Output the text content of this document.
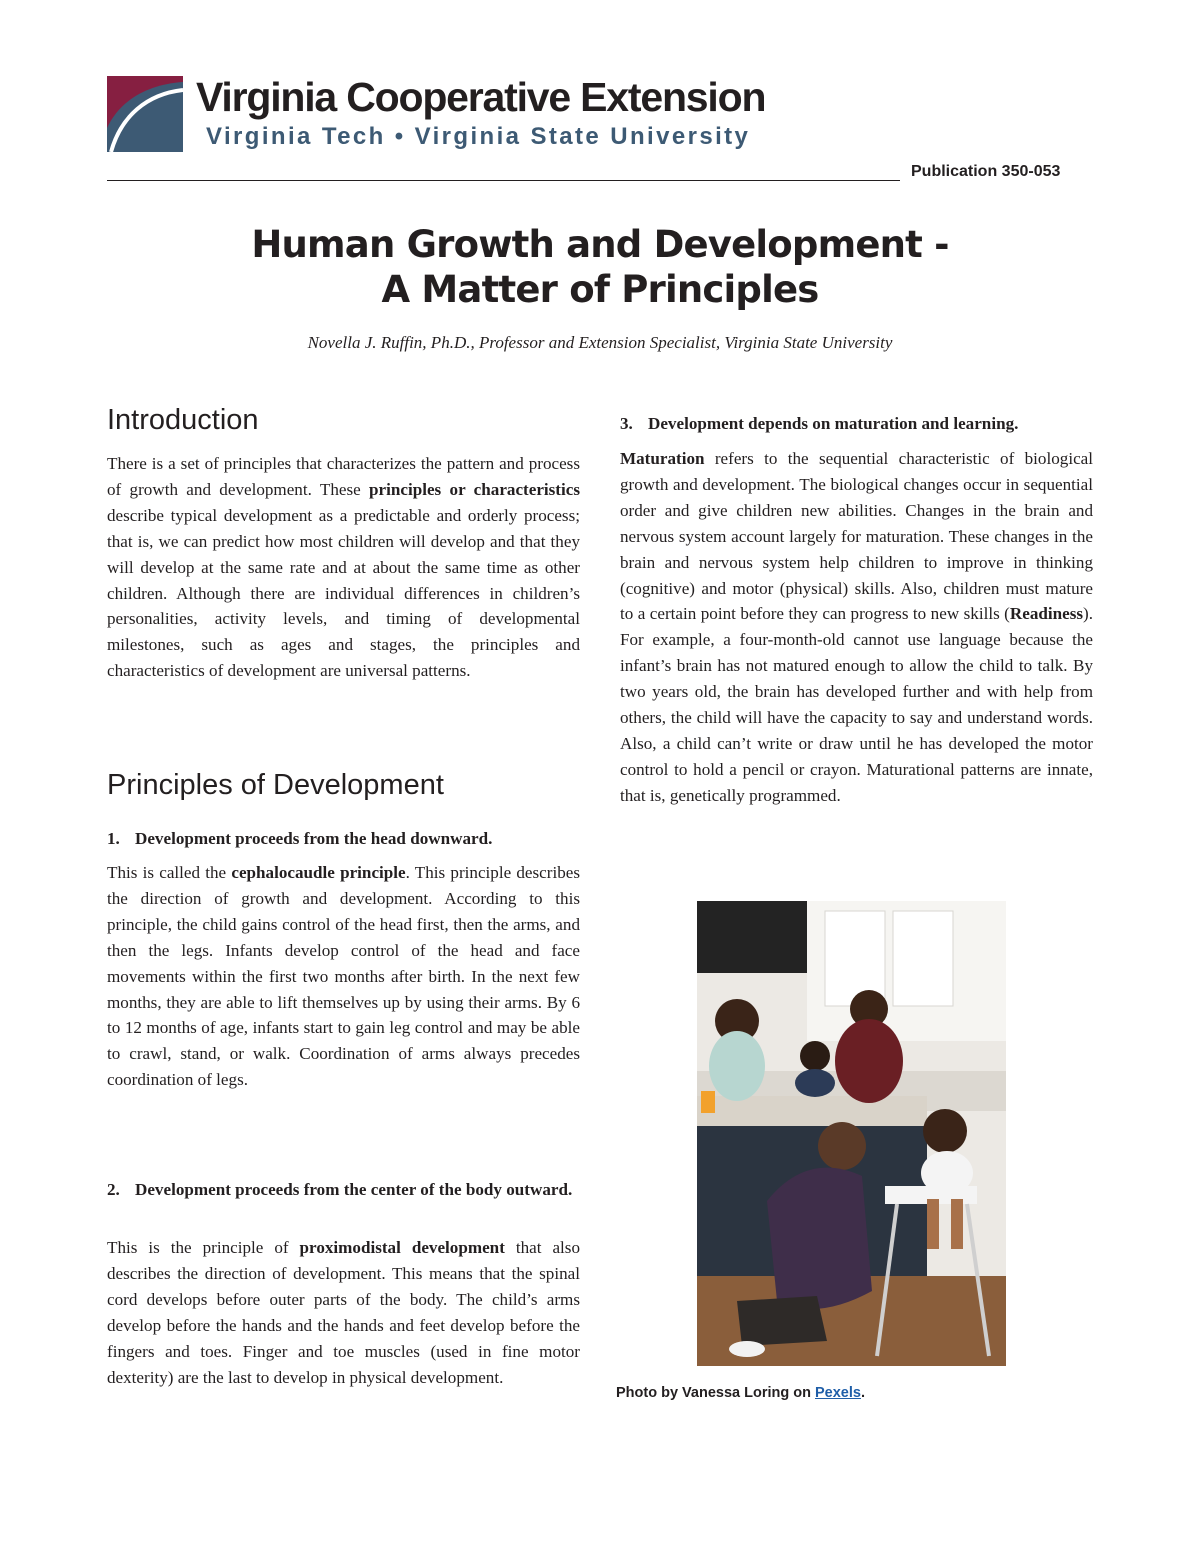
Virginia Cooperative Extension
Virginia Tech • Virginia State University
Publication 350-053
Human Growth and Development -
A Matter of Principles
Novella J. Ruffin, Ph.D., Professor and Extension Specialist, Virginia State University
Introduction

There is a set of principles that characterizes the pattern and process of growth and development. These principles or characteristics describe typical development as a predictable and orderly process; that is, we can predict how most children will develop and that they will develop at the same rate and at about the same time as other children. Although there are individual differences in children’s personalities, activity levels, and timing of developmental milestones, such as ages and stages, the principles and characteristics of development are universal patterns.

Principles of Development
1. Development proceeds from the head downward.

This is called the cephalocaudle principle. This principle describes the direction of growth and development. According to this principle, the child gains control of the head first, then the arms, and then the legs. Infants develop control of the head and face movements within the first two months after birth. In the next few months, they are able to lift themselves up by using their arms. By 6 to 12 months of age, infants start to gain leg control and may be able to crawl, stand, or walk. Coordination of arms always precedes coordination of legs.

2. Development proceeds from the center of the body outward.

This is the principle of proximodistal development that also describes the direction of development. This means that the spinal cord develops before outer parts of the body. The child’s arms develop before the hands and the hands and feet develop before the fingers and toes. Finger and toe muscles (used in fine motor dexterity) are the last to develop in physical development.

3. Development depends on maturation and learning.

Maturation refers to the sequential characteristic of biological growth and development. The biological changes occur in sequential order and give children new abilities. Changes in the brain and nervous system account largely for maturation. These changes in the brain and nervous system help children to improve in thinking (cognitive) and motor (physical) skills. Also, children must mature to a certain point before they can progress to new skills (Readiness). For example, a four-month-old cannot use language because the infant’s brain has not matured enough to allow the child to talk. By two years old, the brain has developed further and with help from others, the child will have the capacity to say and understand words. Also, a child can’t write or draw until he has developed the motor control to hold a pencil or crayon. Maturational patterns are innate, that is, genetically programmed.

Photo by Vanessa Loring on Pexels.
